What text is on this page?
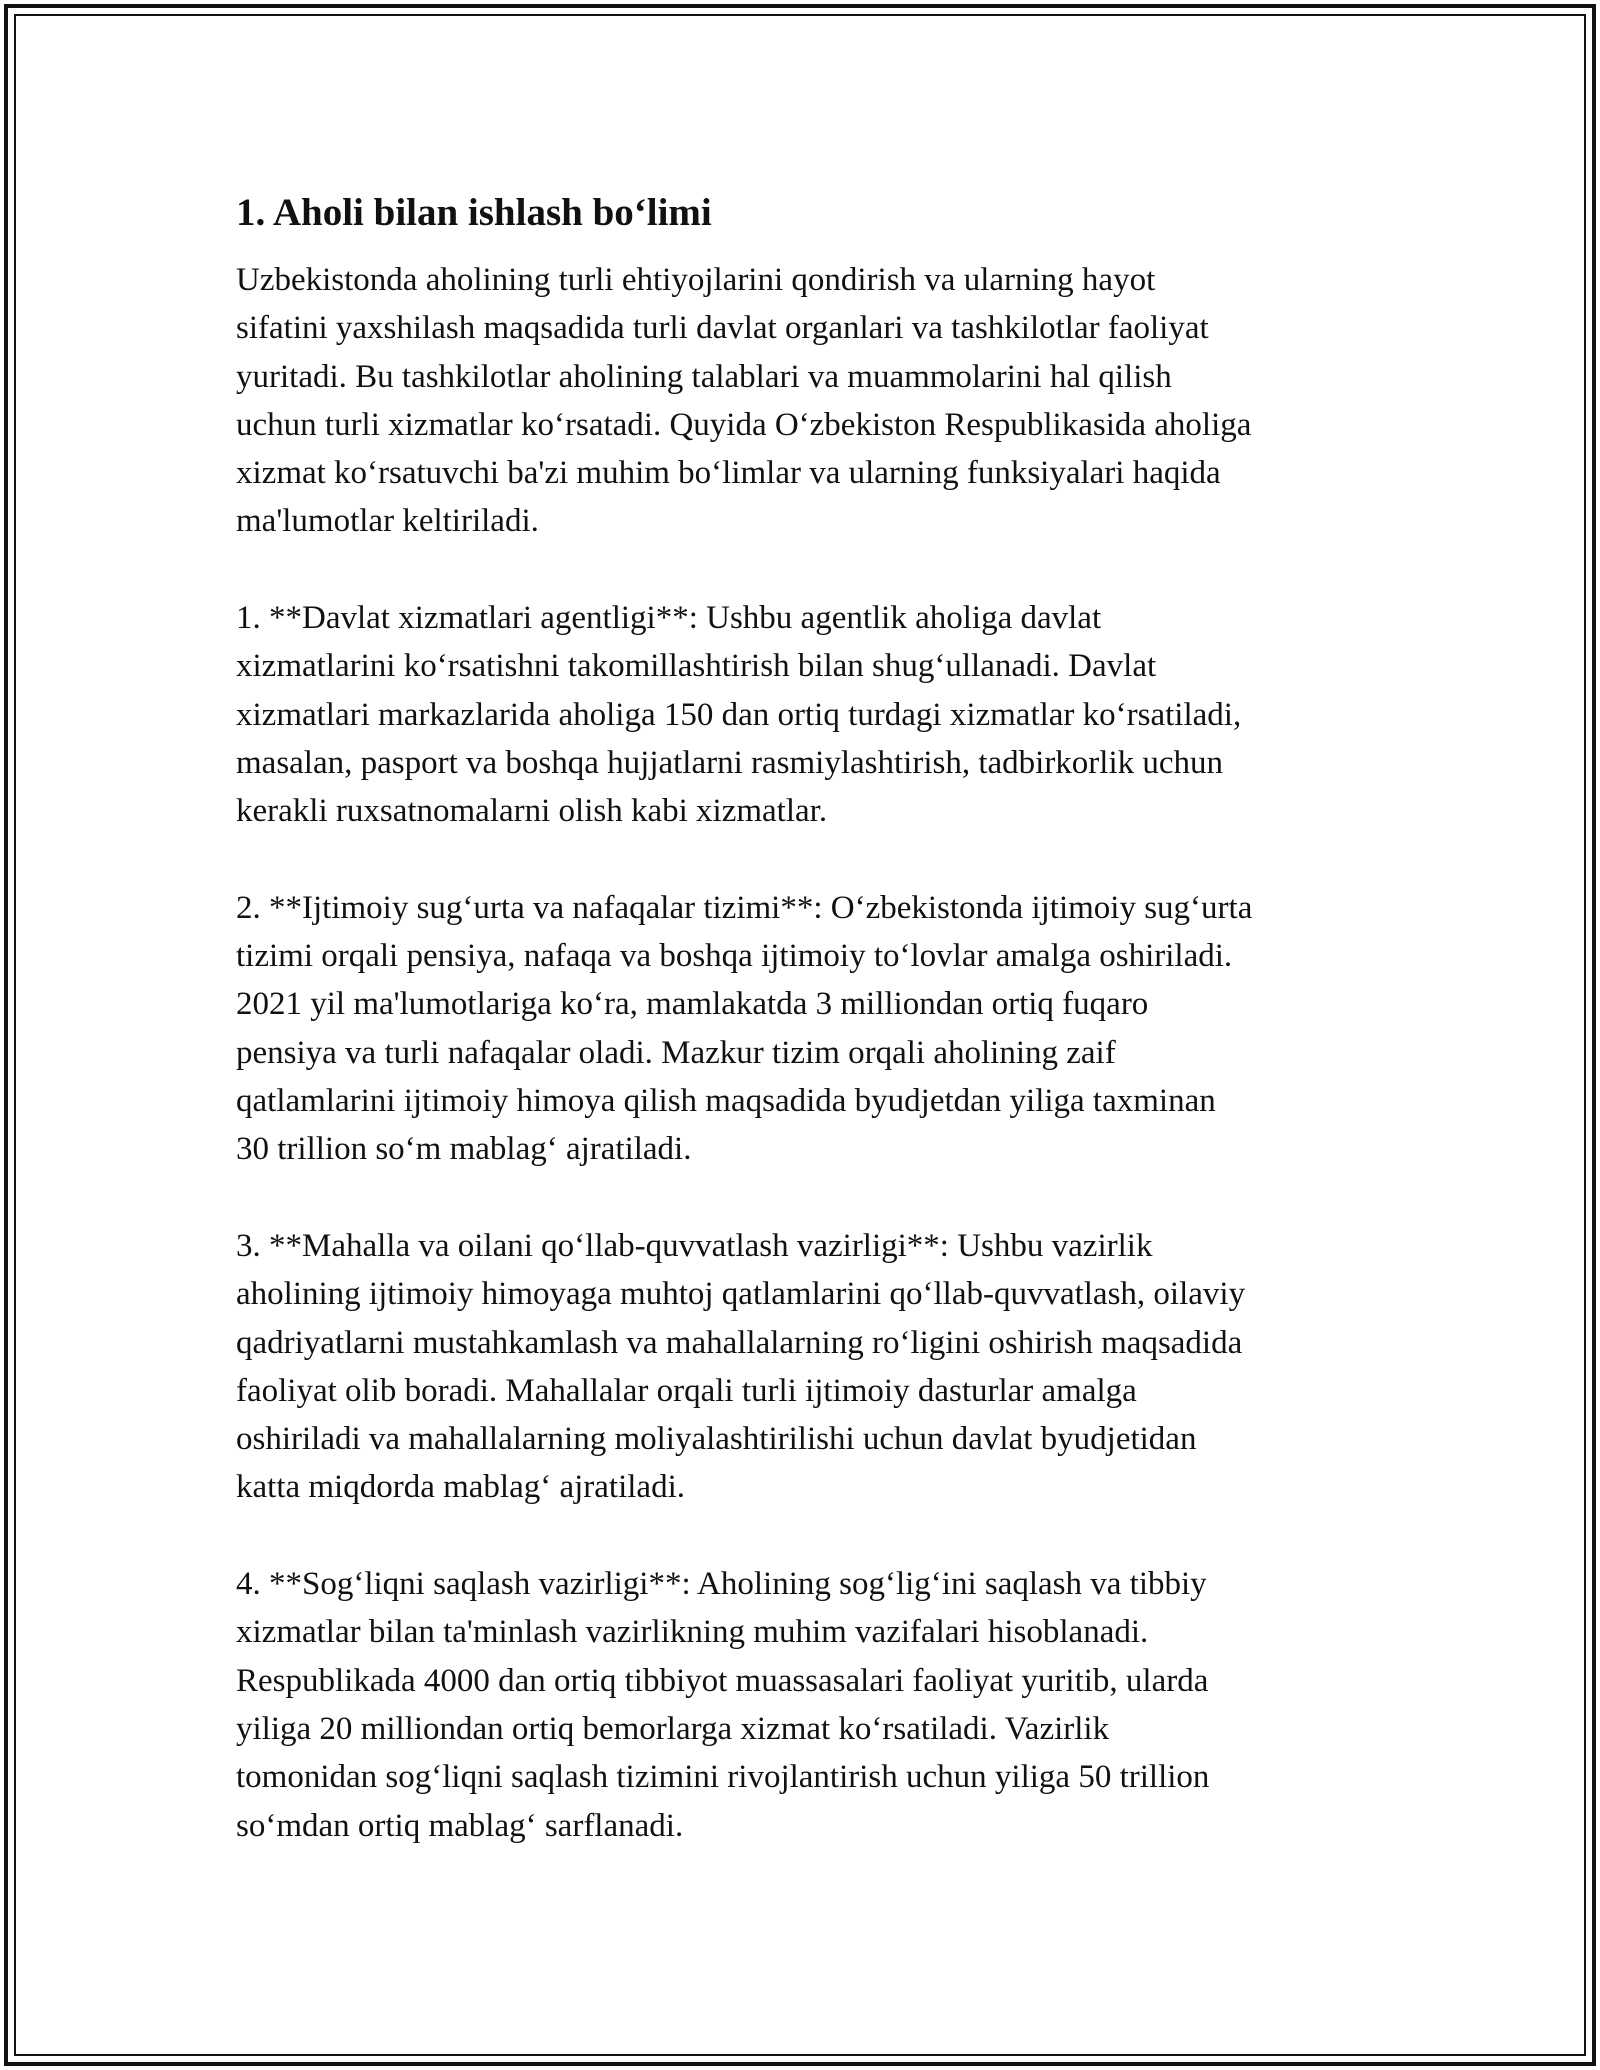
1. Aholi bilan ishlash bo‘limi

Uzbekistonda aholining turli ehtiyojlarini qondirish va ularning hayot
sifatini yaxshilash maqsadida turli davlat organlari va tashkilotlar faoliyat
yuritadi. Bu tashkilotlar aholining talablari va muammolarini hal qilish
uchun turli xizmatlar ko‘rsatadi. Quyida O‘zbekiston Respublikasida aholiga
xizmat ko‘rsatuvchi ba'zi muhim bo‘limlar va ularning funksiyalari haqida
ma'lumotlar keltiriladi.

1. **Davlat xizmatlari agentligi**: Ushbu agentlik aholiga davlat
xizmatlarini ko‘rsatishni takomillashtirish bilan shug‘ullanadi. Davlat
xizmatlari markazlarida aholiga 150 dan ortiq turdagi xizmatlar ko‘rsatiladi,
masalan, pasport va boshqa hujjatlarni rasmiylashtirish, tadbirkorlik uchun
kerakli ruxsatnomalarni olish kabi xizmatlar.

2. **Ijtimoiy sug‘urta va nafaqalar tizimi**: O‘zbekistonda ijtimoiy sug‘urta
tizimi orqali pensiya, nafaqa va boshqa ijtimoiy to‘lovlar amalga oshiriladi.
2021 yil ma'lumotlariga ko‘ra, mamlakatda 3 milliondan ortiq fuqaro
pensiya va turli nafaqalar oladi. Mazkur tizim orqali aholining zaif
qatlamlarini ijtimoiy himoya qilish maqsadida byudjetdan yiliga taxminan
30 trillion so‘m mablag‘ ajratiladi.

3. **Mahalla va oilani qo‘llab-quvvatlash vazirligi**: Ushbu vazirlik
aholining ijtimoiy himoyaga muhtoj qatlamlarini qo‘llab-quvvatlash, oilaviy
qadriyatlarni mustahkamlash va mahallalarning ro‘ligini oshirish maqsadida
faoliyat olib boradi. Mahallalar orqali turli ijtimoiy dasturlar amalga
oshiriladi va mahallalarning moliyalashtirilishi uchun davlat byudjetidan
katta miqdorda mablag‘ ajratiladi.

4. **Sog‘liqni saqlash vazirligi**: Aholining sog‘lig‘ini saqlash va tibbiy
xizmatlar bilan ta'minlash vazirlikning muhim vazifalari hisoblanadi.
Respublikada 4000 dan ortiq tibbiyot muassasalari faoliyat yuritib, ularda
yiliga 20 milliondan ortiq bemorlarga xizmat ko‘rsatiladi. Vazirlik
tomonidan sog‘liqni saqlash tizimini rivojlantirish uchun yiliga 50 trillion
so‘mdan ortiq mablag‘ sarflanadi.
